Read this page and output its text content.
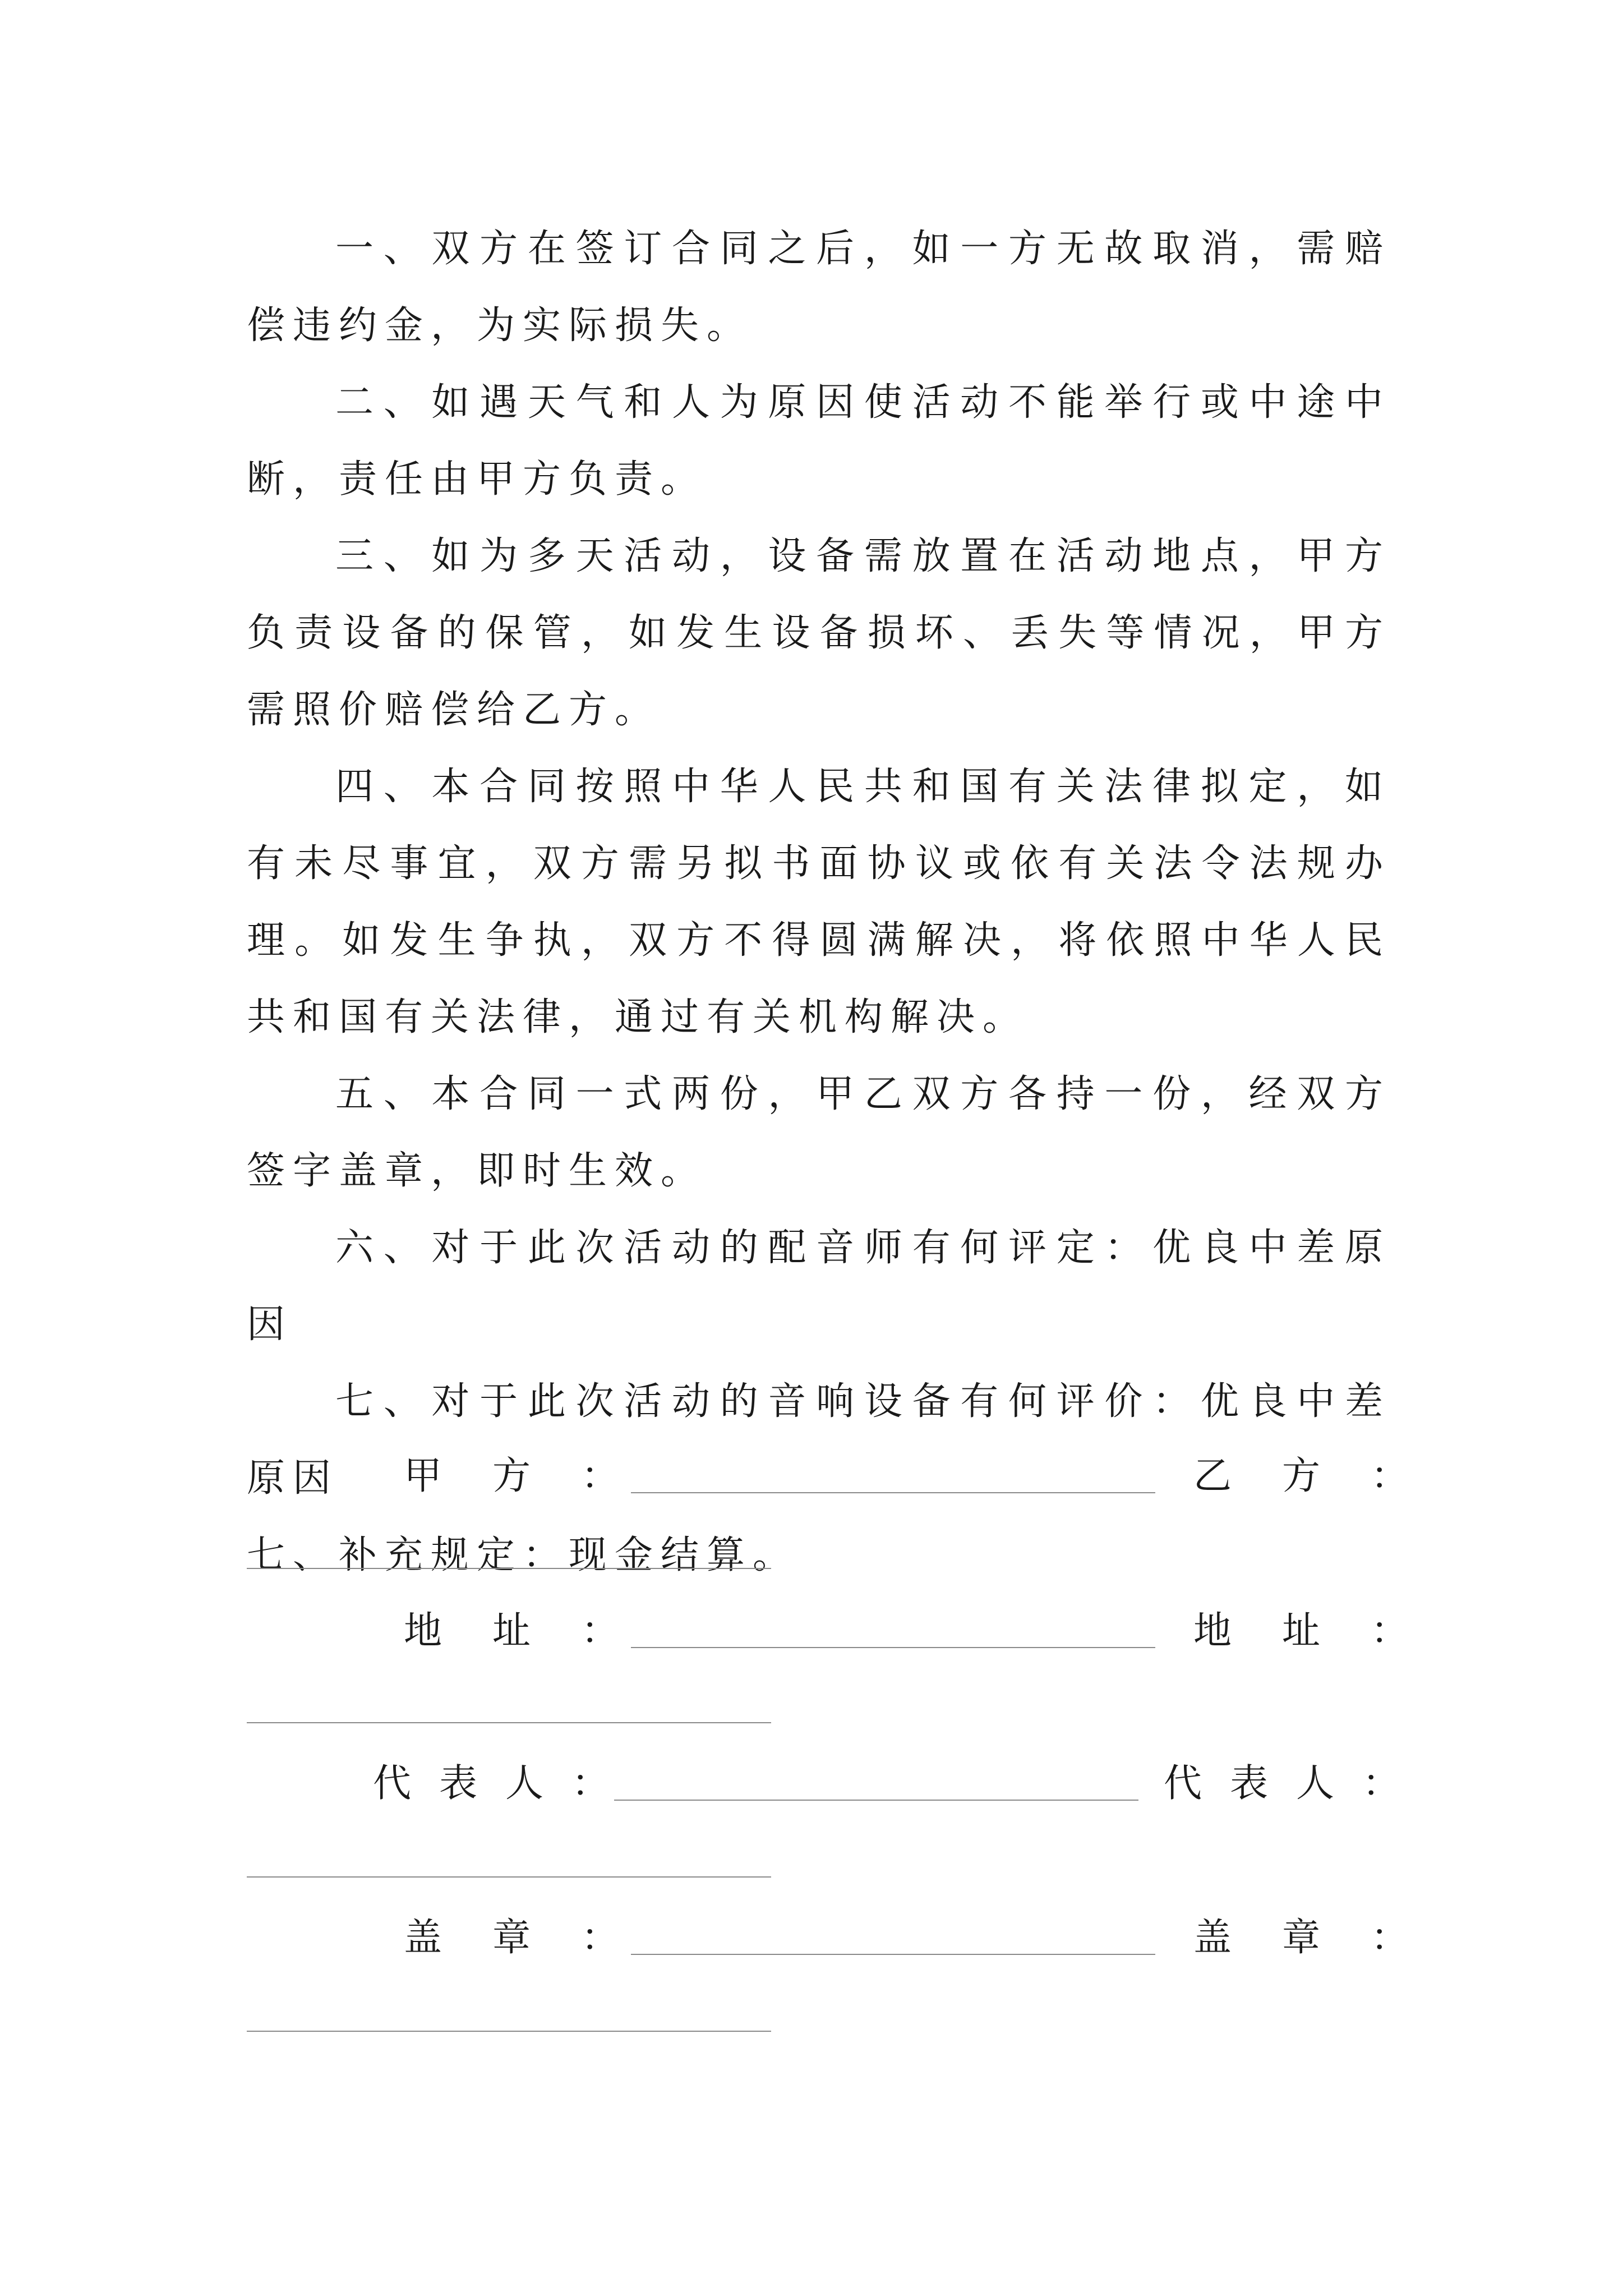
一、双方在签订合同之后，如一方无故取消，需赔偿违约金，为实际损失。

二、如遇天气和人为原因使活动不能举行或中途中断，责任由甲方负责。

三、如为多天活动，设备需放置在活动地点，甲方负责设备的保管，如发生设备损坏、丢失等情况，甲方需照价赔偿给乙方。

四、本合同按照中华人民共和国有关法律拟定，如有未尽事宜，双方需另拟书面协议或依有关法令法规办理。如发生争执，双方不得圆满解决，将依照中华人民共和国有关法律，通过有关机构解决。

五、本合同一式两份，甲乙双方各持一份，经双方签字盖章，即时生效。

六、对于此次活动的配音师有何评定：优良中差原因

七、对于此次活动的音响设备有何评价：优良中差原因

七、补充规定：现金结算。

甲方：	乙方：
地址：	地址：
代表人：	代表人：
盖章：	盖章：
